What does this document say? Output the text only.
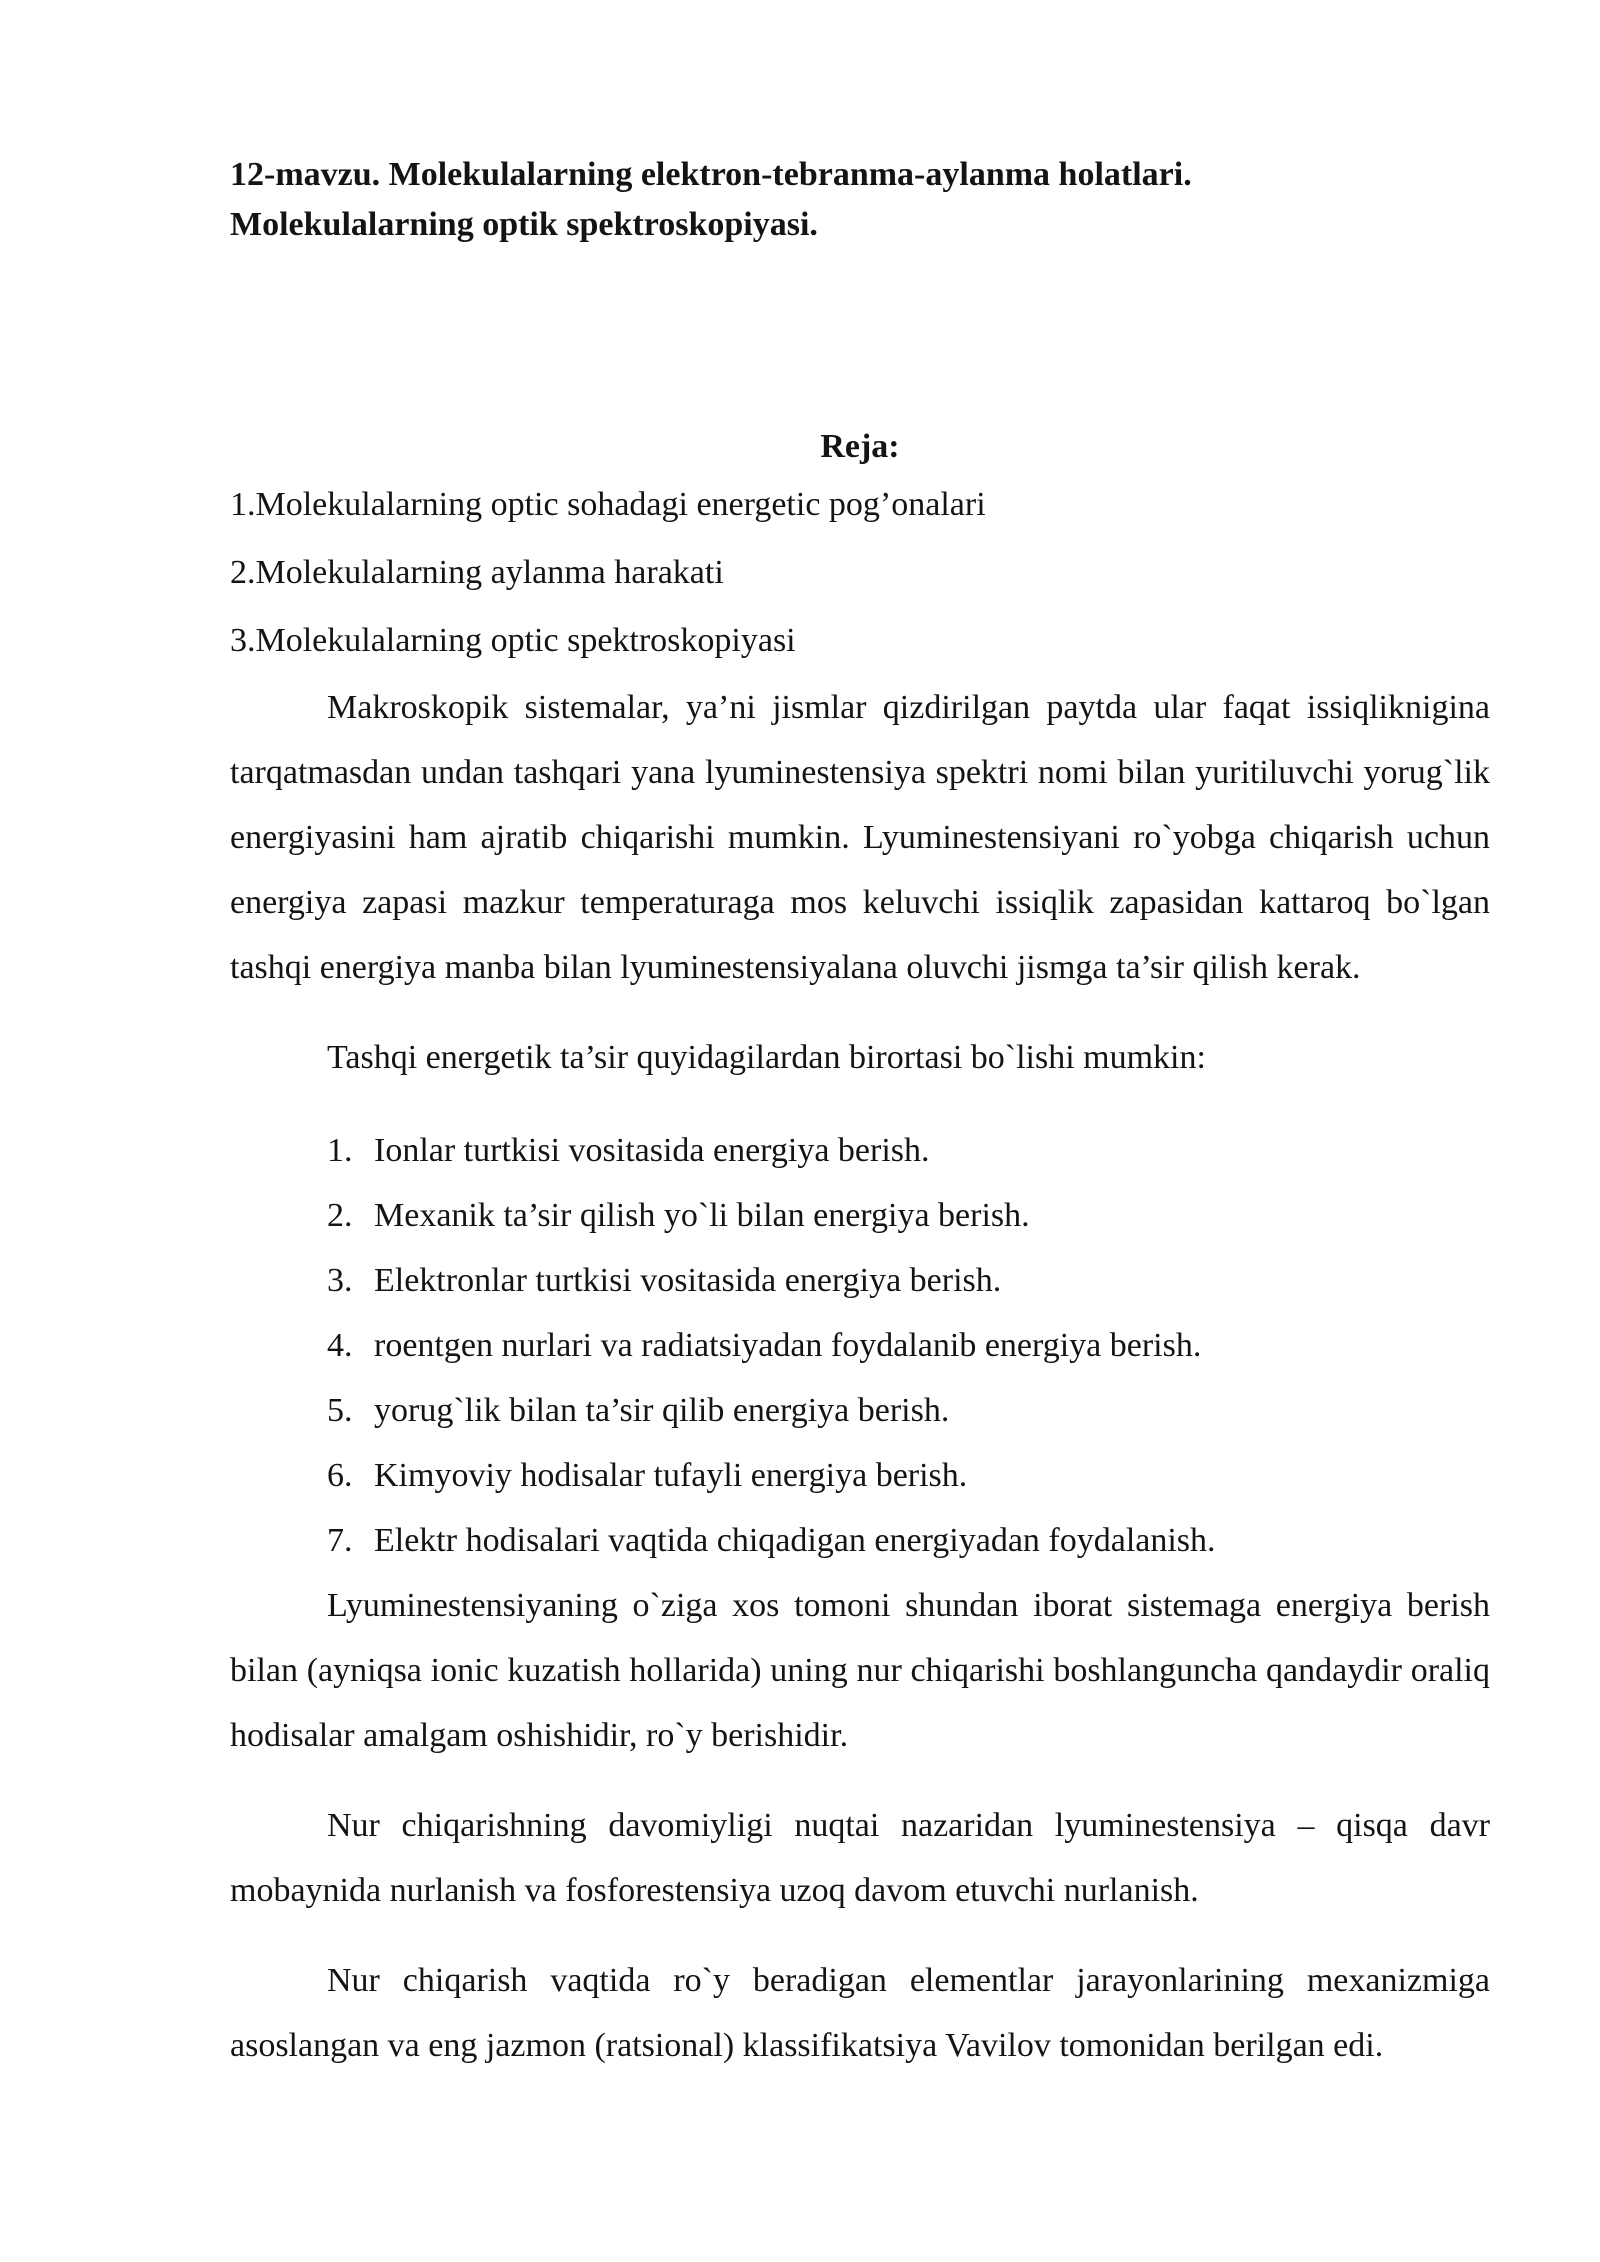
12-mavzu. Molekulalarning elektron-tebranma-aylanma holatlari.
Molekulalarning optik spektroskopiyasi.
Reja:
1.Molekulalarning optic sohadagi energetic pog’onalari
2.Molekulalarning aylanma harakati
3.Molekulalarning optic spektroskopiyasi

Makroskopik sistemalar, ya’ni jismlar qizdirilgan paytda ular faqat issiqliknigina tarqatmasdan undan tashqari yana lyuminestensiya spektri nomi bilan yuritiluvchi yorug`lik energiyasini ham ajratib chiqarishi mumkin. Lyuminestensiyani ro`yobga chiqarish uchun energiya zapasi mazkur temperaturaga mos keluvchi issiqlik zapasidan kattaroq bo`lgan tashqi energiya manba bilan lyuminestensiyalana oluvchi jismga ta’sir qilish kerak.

Tashqi energetik ta’sir quyidagilardan birortasi bo`lishi mumkin:

1. Ionlar turtkisi vositasida energiya berish.
2. Mexanik ta’sir qilish yo`li bilan energiya berish.
3. Elektronlar turtkisi vositasida energiya berish.
4. roentgen nurlari va radiatsiyadan foydalanib energiya berish.
5. yorug`lik bilan ta’sir qilib energiya berish.
6. Kimyoviy hodisalar tufayli energiya berish.
7. Elektr hodisalari vaqtida chiqadigan energiyadan foydalanish.

Lyuminestensiyaning o`ziga xos tomoni shundan iborat sistemaga energiya berish bilan (ayniqsa ionic kuzatish hollarida) uning nur chiqarishi boshlanguncha qandaydir oraliq hodisalar amalgam oshishidir, ro`y berishidir.

Nur chiqarishning davomiyligi nuqtai nazaridan lyuminestensiya – qisqa davr mobaynida nurlanish va fosforestensiya uzoq davom etuvchi nurlanish.

Nur chiqarish vaqtida ro`y beradigan elementlar jarayonlarining mexanizmiga asoslangan va eng jazmon (ratsional) klassifikatsiya Vavilov tomonidan berilgan edi.
